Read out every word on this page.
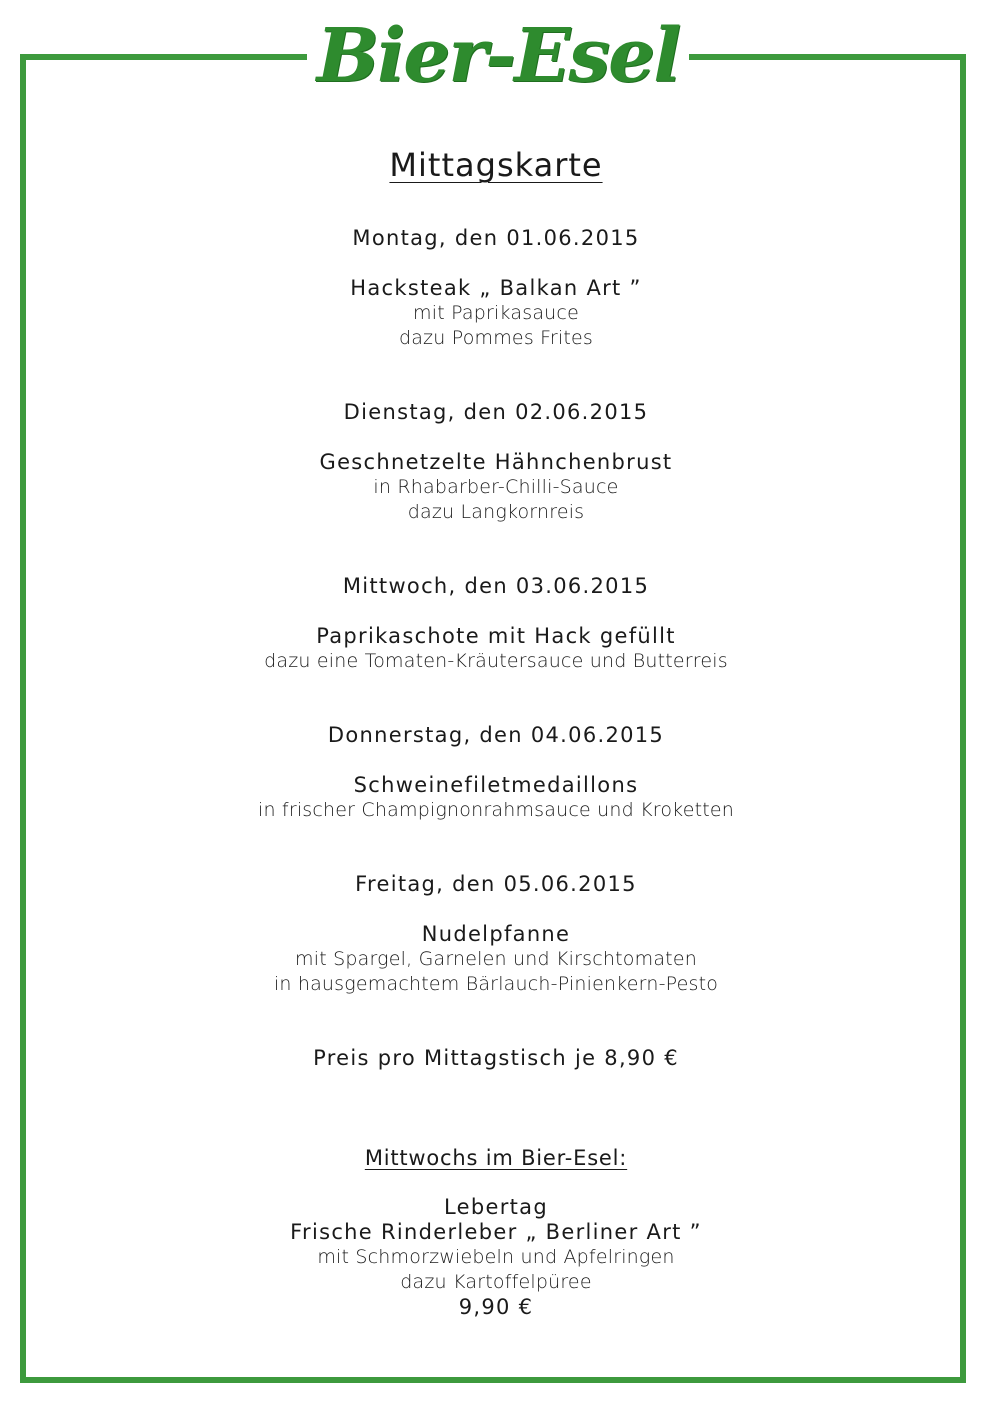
Bier-Esel
Mittagskarte
Montag, den 01.06.2015
Hacksteak „ Balkan Art ”
mit Paprikasauce
dazu Pommes Frites
Dienstag, den 02.06.2015
Geschnetzelte Hähnchenbrust
in Rhabarber-Chilli-Sauce
dazu Langkornreis
Mittwoch, den 03.06.2015
Paprikaschote mit Hack gefüllt
dazu eine Tomaten-Kräutersauce und Butterreis
Donnerstag, den 04.06.2015
Schweinefiletmedaillons
in frischer Champignonrahmsauce und Kroketten
Freitag, den 05.06.2015
Nudelpfanne
mit Spargel, Garnelen und Kirschtomaten
in hausgemachtem Bärlauch-Pinienkern-Pesto
Preis pro Mittagstisch je 8,90 €
Mittwochs im Bier-Esel:
Lebertag
Frische Rinderleber „ Berliner Art ”
mit Schmorzwiebeln und Apfelringen
dazu Kartoffelpüree
9,90 €
